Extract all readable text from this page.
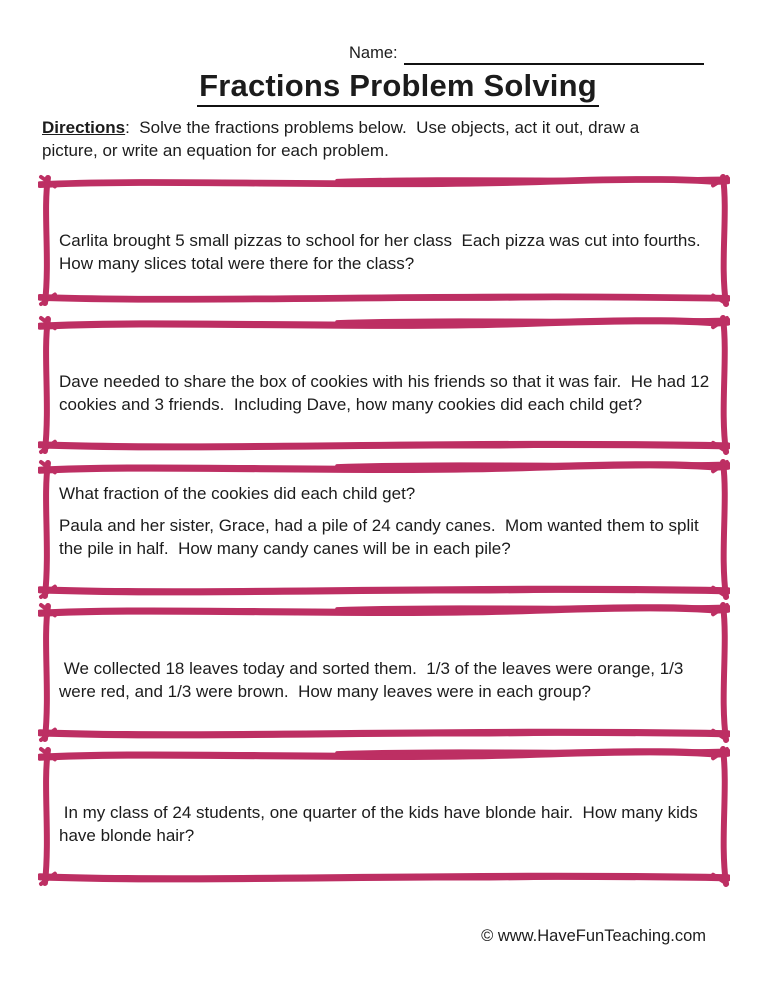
Name:
Fractions Problem Solving
Directions:  Solve the fractions problems below.  Use objects, act it out, draw a picture, or write an equation for each problem.

Carlita brought 5 small pizzas to school for her class  Each pizza was cut into fourths. How many slices total were there for the class?

Dave needed to share the box of cookies with his friends so that it was fair.  He had 12 cookies and 3 friends.  Including Dave, how many cookies did each child get?

What fraction of the cookies did each child get?

Paula and her sister, Grace, had a pile of 24 candy canes.  Mom wanted them to split the pile in half.  How many candy canes will be in each pile?

We collected 18 leaves today and sorted them.  1/3 of the leaves were orange, 1/3 were red, and 1/3 were brown.  How many leaves were in each group?

In my class of 24 students, one quarter of the kids have blonde hair.  How many kids have blonde hair?

© www.HaveFunTeaching.com
